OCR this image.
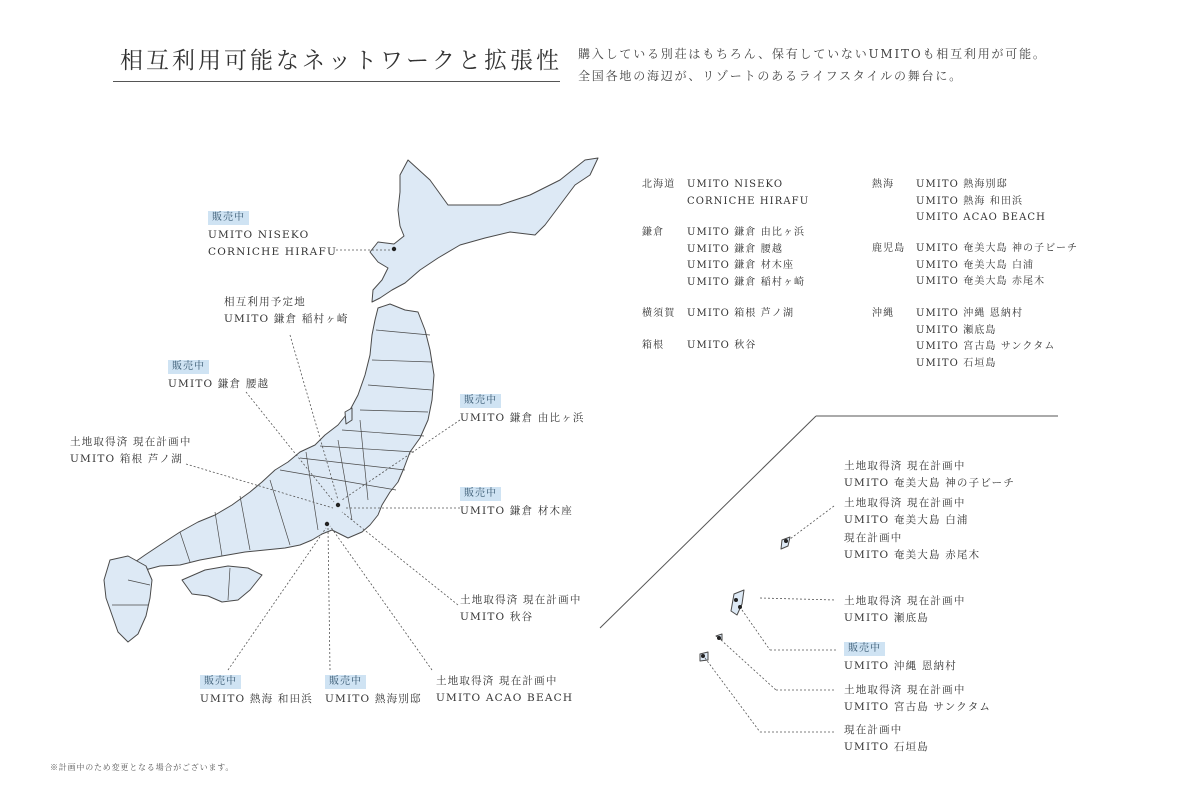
相互利用可能なネットワークと拡張性 購入している別荘はもちろん、保有していないUMITOも相互利用が可能。
全国各地の海辺が、リゾートのあるライフスタイルの舞台に。
販売中
UMITO NISEKO
CORNICHE HIRAFU
相互利用予定地
UMITO 鎌倉 稲村ヶ崎
販売中
UMITO 鎌倉 腰越
土地取得済 現在計画中
UMITO 箱根 芦ノ湖
販売中
UMITO 鎌倉 由比ヶ浜
販売中
UMITO 鎌倉 材木座
土地取得済 現在計画中
UMITO 秋谷
販売中
UMITO 熱海 和田浜
販売中
UMITO 熱海別邸
土地取得済 現在計画中
UMITO ACAO BEACH
土地取得済 現在計画中
UMITO 奄美大島 神の子ビーチ
土地取得済 現在計画中
UMITO 奄美大島 白浦
現在計画中
UMITO 奄美大島 赤尾木
土地取得済 現在計画中
UMITO 瀬底島
販売中
UMITO 沖縄 恩納村
土地取得済 現在計画中
UMITO 宮古島 サンクタム
現在計画中
UMITO 石垣島
北海道 UMITO NISEKO
CORNICHE HIRAFU
鎌倉 UMITO 鎌倉 由比ヶ浜
UMITO 鎌倉 腰越
UMITO 鎌倉 材木座
UMITO 鎌倉 稲村ヶ崎
横須賀 UMITO 箱根 芦ノ湖
箱根 UMITO 秋谷
熱海 UMITO 熱海別邸
UMITO 熱海 和田浜
UMITO ACAO BEACH
鹿児島 UMITO 奄美大島 神の子ビーチ
UMITO 奄美大島 白浦
UMITO 奄美大島 赤尾木
沖縄 UMITO 沖縄 恩納村
UMITO 瀬底島
UMITO 宮古島 サンクタム
UMITO 石垣島
※計画中のため変更となる場合がございます。
